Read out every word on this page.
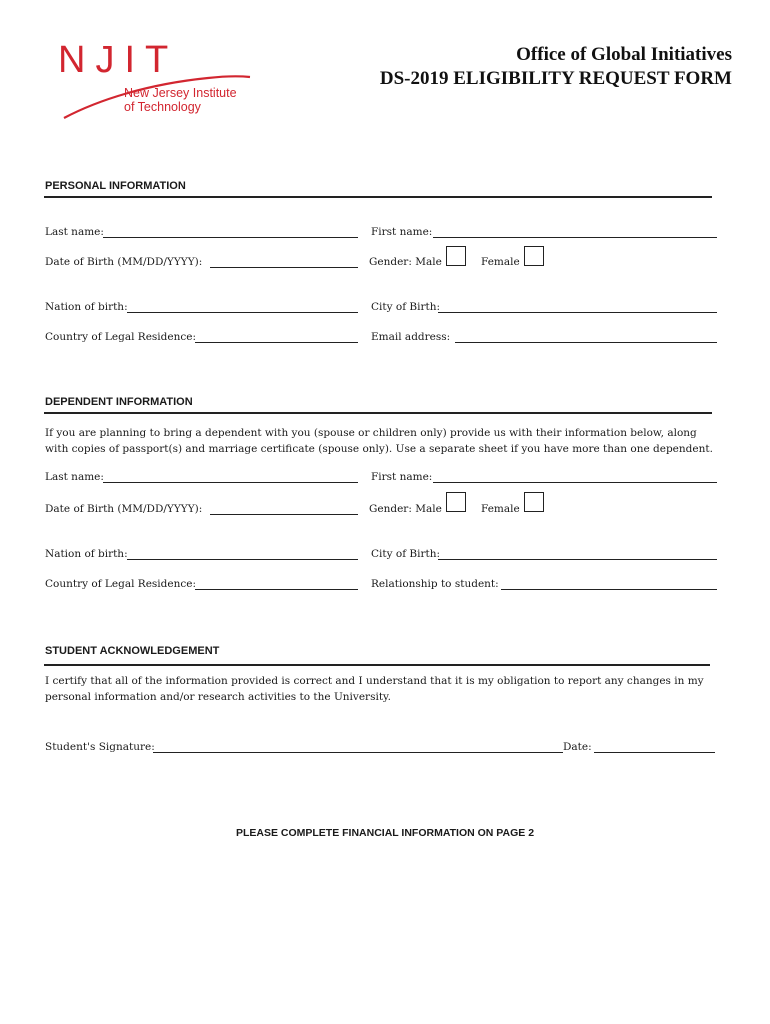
NJIT
New Jersey Institute
of Technology
Office of Global Initiatives
DS-2019 ELIGIBILITY REQUEST FORM
PERSONAL INFORMATION
Last name:	First name:
Date of Birth (MM/DD/YYYY):	Gender: Male	Female
Nation of birth:	City of Birth:
Country of Legal Residence:	Email address:
DEPENDENT INFORMATION
If you are planning to bring a dependent with you (spouse or children only) provide us with their information below, along
with copies of passport(s) and marriage certificate (spouse only). Use a separate sheet if you have more than one dependent.
Last name:	First name:
Date of Birth (MM/DD/YYYY):	Gender: Male	Female
Nation of birth:	City of Birth:
Country of Legal Residence:	Relationship to student:
STUDENT ACKNOWLEDGEMENT
I certify that all of the information provided is correct and I understand that it is my obligation to report any changes in my
personal information and/or research activities to the University.
Student's Signature:	Date:
PLEASE COMPLETE FINANCIAL INFORMATION ON PAGE 2
